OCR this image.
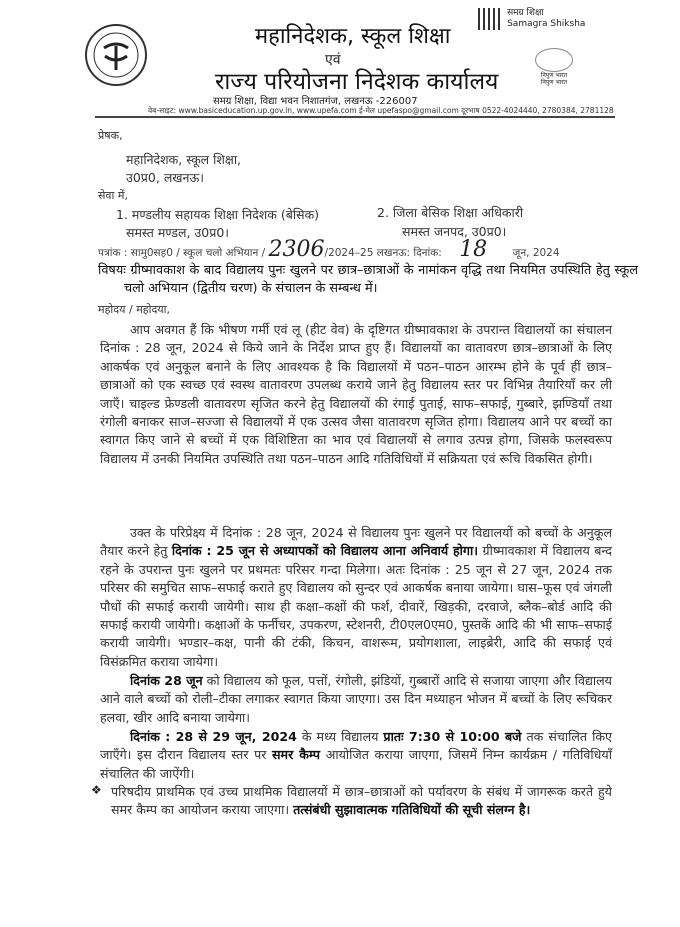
महानिदेशक, स्कूल शिक्षा
एवं
राज्य परियोजना निदेशक कार्यालय
समग्र शिक्षा, विद्या भवन निशातगंज, लखनऊ -226007
वेब-साइट: www.basiceducation.up.gov.in, www.upefa.com ई-मेल upefaspo@gmail.com दूरभाष 0522-4024440, 2780384, 2781128
समग्र शिक्षा
Samagra Shiksha
निपुण भारत
निपुण भारत
प्रेषक,
महानिदेशक, स्कूल शिक्षा,
उ0प्र0, लखनऊ।
सेवा में,
1. मण्डलीय सहायक शिक्षा निदेशक (बेसिक)
समस्त मण्डल, उ0प्र0।
2. जिला बेसिक शिक्षा अधिकारी
समस्त जनपद, उ0प्र0।
पत्रांक : सामु0सह0 / स्कूल चलो अभियान / 2306/2024–25 लखनऊ: दिनांक: 18 जून, 2024
विषयः ग्रीष्मावकाश के बाद विद्यालय पुनः खुलने पर छात्र–छात्राओं के नामांकन वृद्धि तथा नियमित उपस्थिति हेतु स्कूल चलो अभियान (द्वितीय चरण) के संचालन के सम्बन्ध में।
महोदय / महोदया,
आप अवगत हैं कि भीषण गर्मी एवं लू (हीट वेव) के दृष्टिगत ग्रीष्मावकाश के उपरान्त विद्यालयों का संचालन दिनांक : 28 जून, 2024 से किये जाने के निर्देश प्राप्त हुए हैं। विद्यालयों का वातावरण छात्र–छात्राओं के लिए आकर्षक एवं अनुकूल बनाने के लिए आवश्यक है कि विद्यालयों में पठन–पाठन आरम्भ होने के पूर्व हीं छात्र–छात्राओं को एक स्वच्छ एवं स्वस्थ वातावरण उपलब्ध कराये जाने हेतु विद्यालय स्तर पर विभिन्न तैयारियाँ कर ली जाएँ। चाइल्ड फ्रेण्डली वातावरण सृजित करने हेतु विद्यालयों की रंगाई पुताई, साफ–सफाई, गुब्बारे, झण्डियाँ तथा रंगोली बनाकर साज–सज्जा से विद्यालयों में एक उत्सव जैसा वातावरण सृजित होगा। विद्यालय आने पर बच्चों का स्वागत किए जाने से बच्चों में एक विशिष्टिता का भाव एवं विद्यालयों से लगाव उत्पन्न होगा, जिसके फलस्वरूप विद्यालय में उनकी नियमित उपस्थिति तथा पठन–पाठन आदि गतिविधियों में सक्रियता एवं रूचि विकसित होगी।
उक्त के परिप्रेक्ष्य में दिनांक : 28 जून, 2024 से विद्यालय पुनः खुलने पर विद्यालयों को बच्चों के अनुकूल तैयार करने हेतु दिनांक : 25 जून से अध्यापकों को विद्यालय आना अनिवार्य होगा। ग्रीष्मावकाश में विद्यालय बन्द रहने के उपरान्त पुनः खुलने पर प्रथमतः परिसर गन्दा मिलेगा। अतः दिनांक : 25 जून से 27 जून, 2024 तक परिसर की समुचित साफ–सफाई कराते हुए विद्यालय को सुन्दर एवं आकर्षक बनाया जायेगा। घास–फूस एवं जंगली पौधों की सफाई करायी जायेगी। साथ ही कक्षा–कक्षों की फर्श, दीवारें, खिड़की, दरवाजे, ब्लैक–बोर्ड आदि की सफाई करायी जायेगी। कक्षाओं के फर्नीचर, उपकरण, स्टेशनरी, टी0एल0एम0, पुस्तकें आदि की भी साफ–सफाई करायी जायेगी। भण्डार–कक्ष, पानी की टंकी, किचन, वाशरूम, प्रयोगशाला, लाइब्रेरी, आदि की सफाई एवं विसंक्रमित कराया जायेगा।
दिनांक 28 जून को विद्यालय को फूल, पत्तों, रंगोली, झंडियों, गुब्बारों आदि से सजाया जाएगा और विद्यालय आने वाले बच्चों को रोली–टीका लगाकर स्वागत किया जाएगा। उस दिन मध्याहन भोजन में बच्चों के लिए रूचिकर हलवा, खीर आदि बनाया जायेगा।
दिनांक : 28 से 29 जून, 2024 के मध्य विद्यालय प्रातः 7:30 से 10:00 बजे तक संचालित किए जाएँगे। इस दौरान विद्यालय स्तर पर समर कैम्प आयोजित कराया जाएगा, जिसमें निम्न कार्यक्रम / गतिविधियाँ संचालित की जाऐंगी।
❖ परिषदीय प्राथमिक एवं उच्च प्राथमिक विद्यालयों में छात्र–छात्राओं को पर्यावरण के संबंध में जागरूक करते हुये समर कैम्प का आयोजन कराया जाएगा। तत्संबंधी सुझावात्मक गतिविधियों की सूची संलग्न है।
